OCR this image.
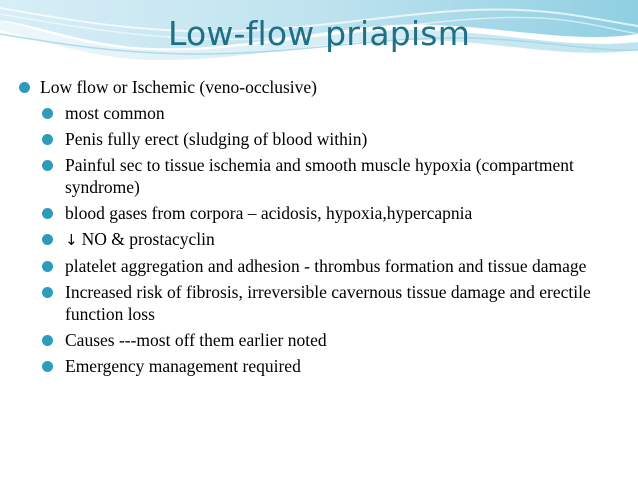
Low-flow priapism
Low flow or Ischemic (veno-occlusive)
most common
Penis fully erect (sludging of blood within)
Painful sec to tissue ischemia and smooth muscle hypoxia (compartment syndrome)
blood gases from corpora – acidosis, hypoxia,hypercapnia
↓ NO & prostacyclin
platelet aggregation and adhesion - thrombus formation and tissue damage
Increased risk of fibrosis, irreversible cavernous tissue damage and erectile function loss
Causes ---most off them earlier noted
Emergency management required
